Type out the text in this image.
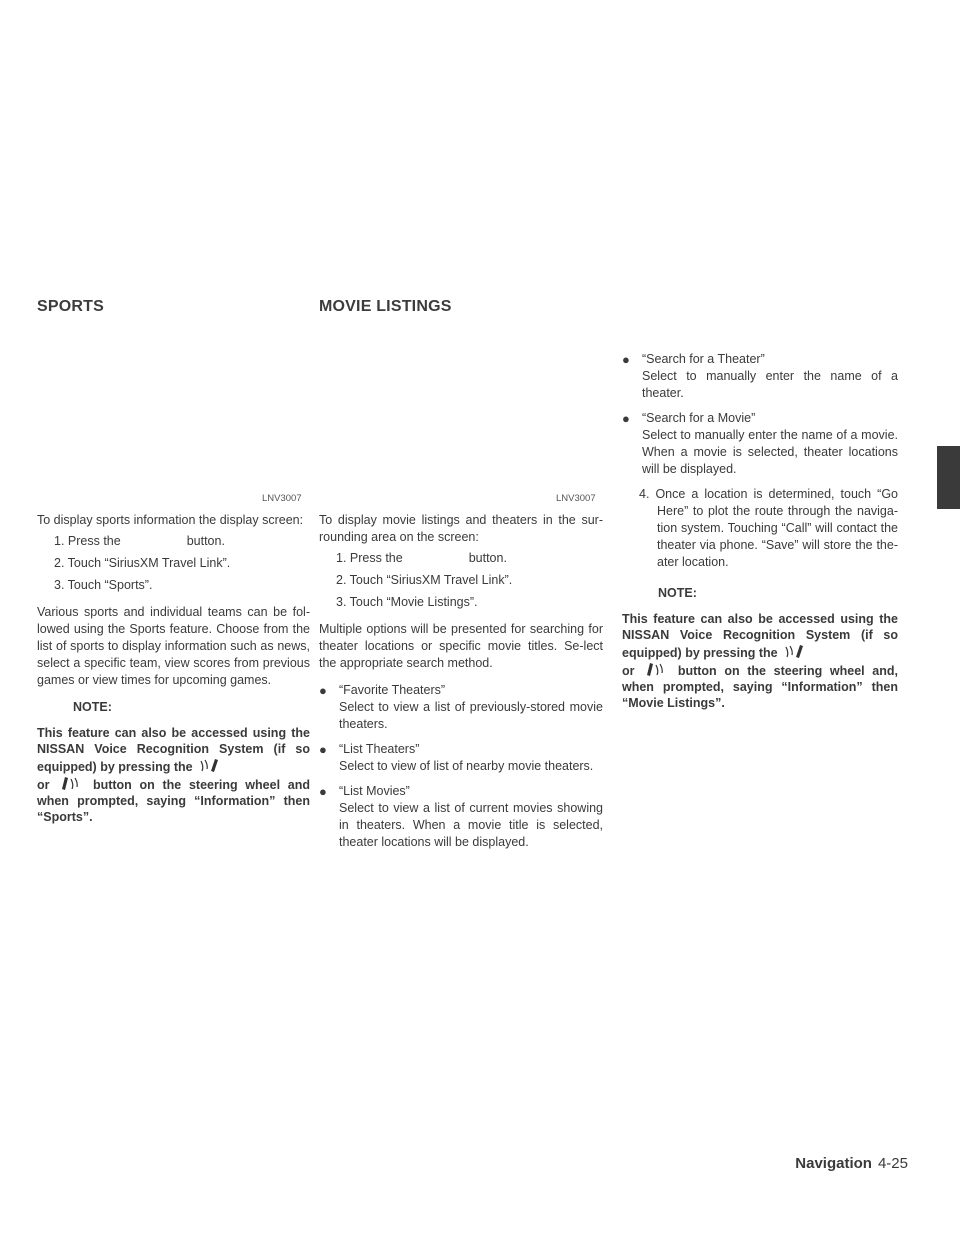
SPORTS	MOVIE LISTINGS
LNV3007	LNV3007

To display sports information the display screen:

1. Press the	button.
2. Touch “SiriusXM Travel Link”.
3. Touch “Sports”.

Various sports and individual teams can be fol-lowed using the Sports feature. Choose from the list of sports to display information such as news, select a specific team, view scores from previous games or view times for upcoming games.

NOTE:
This feature can also be accessed using the NISSAN Voice Recognition System (if so equipped) by pressing the
or	button on the steering wheel and when prompted, saying “Information” then “Sports”.

To display movie listings and theaters in the sur-rounding area on the screen:

1. Press the	button.
2. Touch “SiriusXM Travel Link”.
3. Touch “Movie Listings”.

Multiple options will be presented for searching for theater locations or specific movie titles. Se-lect the appropriate search method.

● “Favorite Theaters”
Select to view a list of previously-stored movie theaters.
● “List Theaters”
Select to view of list of nearby movie theaters.
● “List Movies”
Select to view a list of current movies showing in theaters. When a movie title is selected, theater locations will be displayed.
● “Search for a Theater”
Select to manually enter the name of a theater.
● “Search for a Movie”
Select to manually enter the name of a movie. When a movie is selected, theater locations will be displayed.

4. Once a location is determined, touch “Go Here” to plot the route through the naviga-tion system. Touching “Call” will contact the theater via phone. “Save” will store the the-ater location.

NOTE:
This feature can also be accessed using the NISSAN Voice Recognition System (if so equipped) by pressing the
or	button on the steering wheel and, when prompted, saying “Information” then “Movie Listings”.
Navigation 4-25
